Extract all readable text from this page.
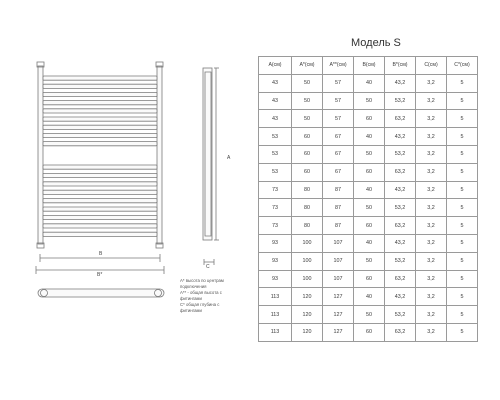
Модель S
B
B*
A
C
A* высота по центрам
подключения
A** - общая высота с
фитингами
C* общая глубина с
фитингами
A(см)	A*(см)	A**(см)	B(см)	B*(см)	C(см)	C*(см)
43	50	57	40	43,2	3,2	5
43	50	57	50	53,2	3,2	5
43	50	57	60	63,2	3,2	5
53	60	67	40	43,2	3,2	5
53	60	67	50	53,2	3,2	5
53	60	67	60	63,2	3,2	5
73	80	87	40	43,2	3,2	5
73	80	87	50	53,2	3,2	5
73	80	87	60	63,2	3,2	5
93	100	107	40	43,2	3,2	5
93	100	107	50	53,2	3,2	5
93	100	107	60	63,2	3,2	5
113	120	127	40	43,2	3,2	5
113	120	127	50	53,2	3,2	5
113	120	127	60	63,2	3,2	5
